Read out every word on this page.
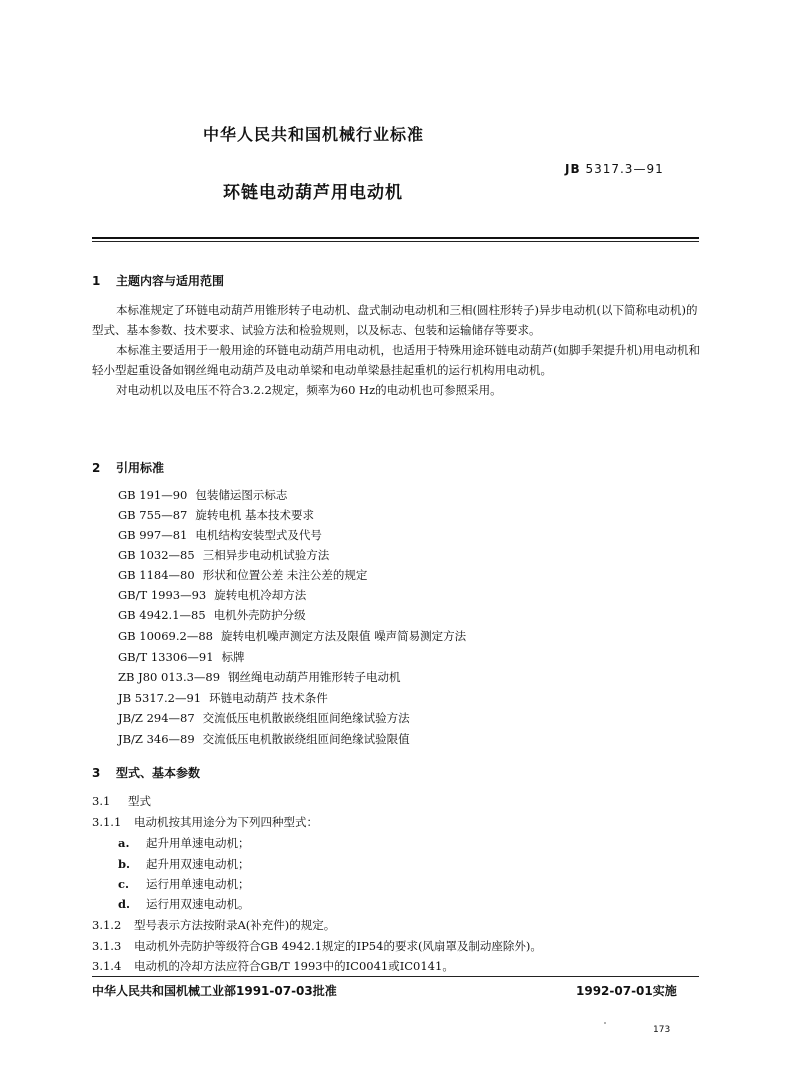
中华人民共和国机械行业标准
JB 5317.3—91
环链电动葫芦用电动机
1 主题内容与适用范围

本标准规定了环链电动葫芦用锥形转子电动机、盘式制动电动机和三相(圆柱形转子)异步电动机(以下简称电动机)的型式、基本参数、技术要求、试验方法和检验规则，以及标志、包装和运输储存等要求。

本标准主要适用于一般用途的环链电动葫芦用电动机，也适用于特殊用途环链电动葫芦(如脚手架提升机)用电动机和轻小型起重设备如钢丝绳电动葫芦及电动单梁和电动单梁悬挂起重机的运行机构用电动机。

对电动机以及电压不符合3.2.2规定，频率为60 Hz的电动机也可参照采用。

2 引用标准
GB 191—90 包装储运图示标志
GB 755—87 旋转电机 基本技术要求
GB 997—81 电机结构安装型式及代号
GB 1032—85 三相异步电动机试验方法
GB 1184—80 形状和位置公差 未注公差的规定
GB/T 1993—93 旋转电机冷却方法
GB 4942.1—85 电机外壳防护分级
GB 10069.2—88 旋转电机噪声测定方法及限值 噪声简易测定方法
GB/T 13306—91 标牌
ZB J80 013.3—89 钢丝绳电动葫芦用锥形转子电动机
JB 5317.2—91 环链电动葫芦 技术条件
JB/Z 294—87 交流低压电机散嵌绕组匝间绝缘试验方法
JB/Z 346—89 交流低压电机散嵌绕组匝间绝缘试验限值
3 型式、基本参数
3.1 型式
3.1.1 电动机按其用途分为下列四种型式：
a. 起升用单速电动机；
b. 起升用双速电动机；
c. 运行用单速电动机；
d. 运行用双速电动机。
3.1.2 型号表示方法按附录A(补充件)的规定。
3.1.3 电动机外壳防护等级符合GB 4942.1规定的IP54的要求(风扇罩及制动座除外)。
3.1.4 电动机的冷却方法应符合GB/T 1993中的IC0041或IC0141。
中华人民共和国机械工业部1991-07-03批准	1992-07-01实施
173
